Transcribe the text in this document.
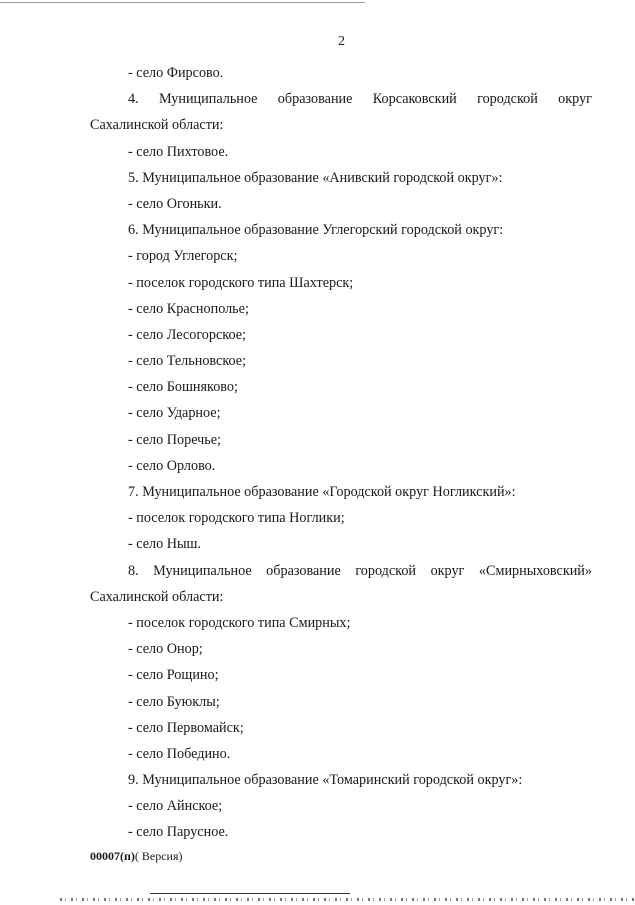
2
- село Фирсово.
4. Муниципальное образование Корсаковский городской округ
Сахалинской области:
- село Пихтовое.
5. Муниципальное образование «Анивский городской округ»:
- село Огоньки.
6. Муниципальное образование Углегорский городской округ:
- город Углегорск;
- поселок городского типа Шахтерск;
- село Краснополье;
- село Лесогорское;
- село Тельновское;
- село Бошняково;
- село Ударное;
- село Поречье;
- село Орлово.
7. Муниципальное образование «Городской округ Ногликский»:
- поселок городского типа Ноглики;
- село Ныш.
8. Муниципальное образование городской округ «Смирныховский»
Сахалинской области:
- поселок городского типа Смирных;
- село Онор;
- село Рощино;
- село Буюклы;
- село Первомайск;
- село Побединo.
9. Муниципальное образование «Томаринский городской округ»:
- село Айнское;
- село Парусное.
00007(п)( Версия)
